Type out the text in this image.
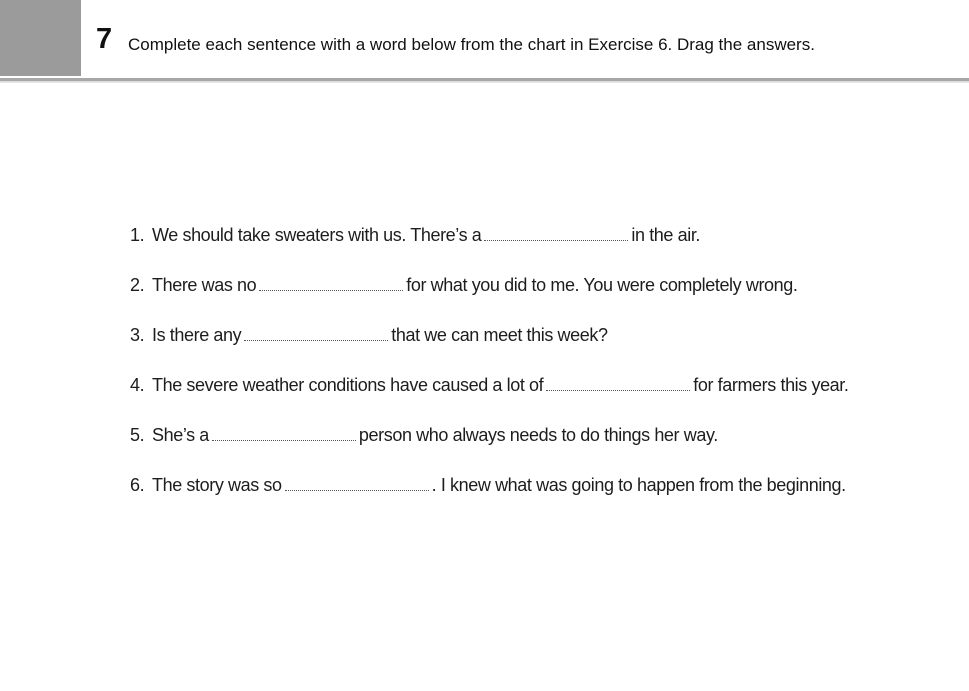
7 Complete each sentence with a word below from the chart in Exercise 6. Drag the answers.
1. We should take sweaters with us. There’s a	in the air.
2. There was no	for what you did to me. You were completely wrong.
3. Is there any	that we can meet this week?
4. The severe weather conditions have caused a lot of	for farmers this year.
5. She’s a	person who always needs to do things her way.
6. The story was so	. I knew what was going to happen from the beginning.
